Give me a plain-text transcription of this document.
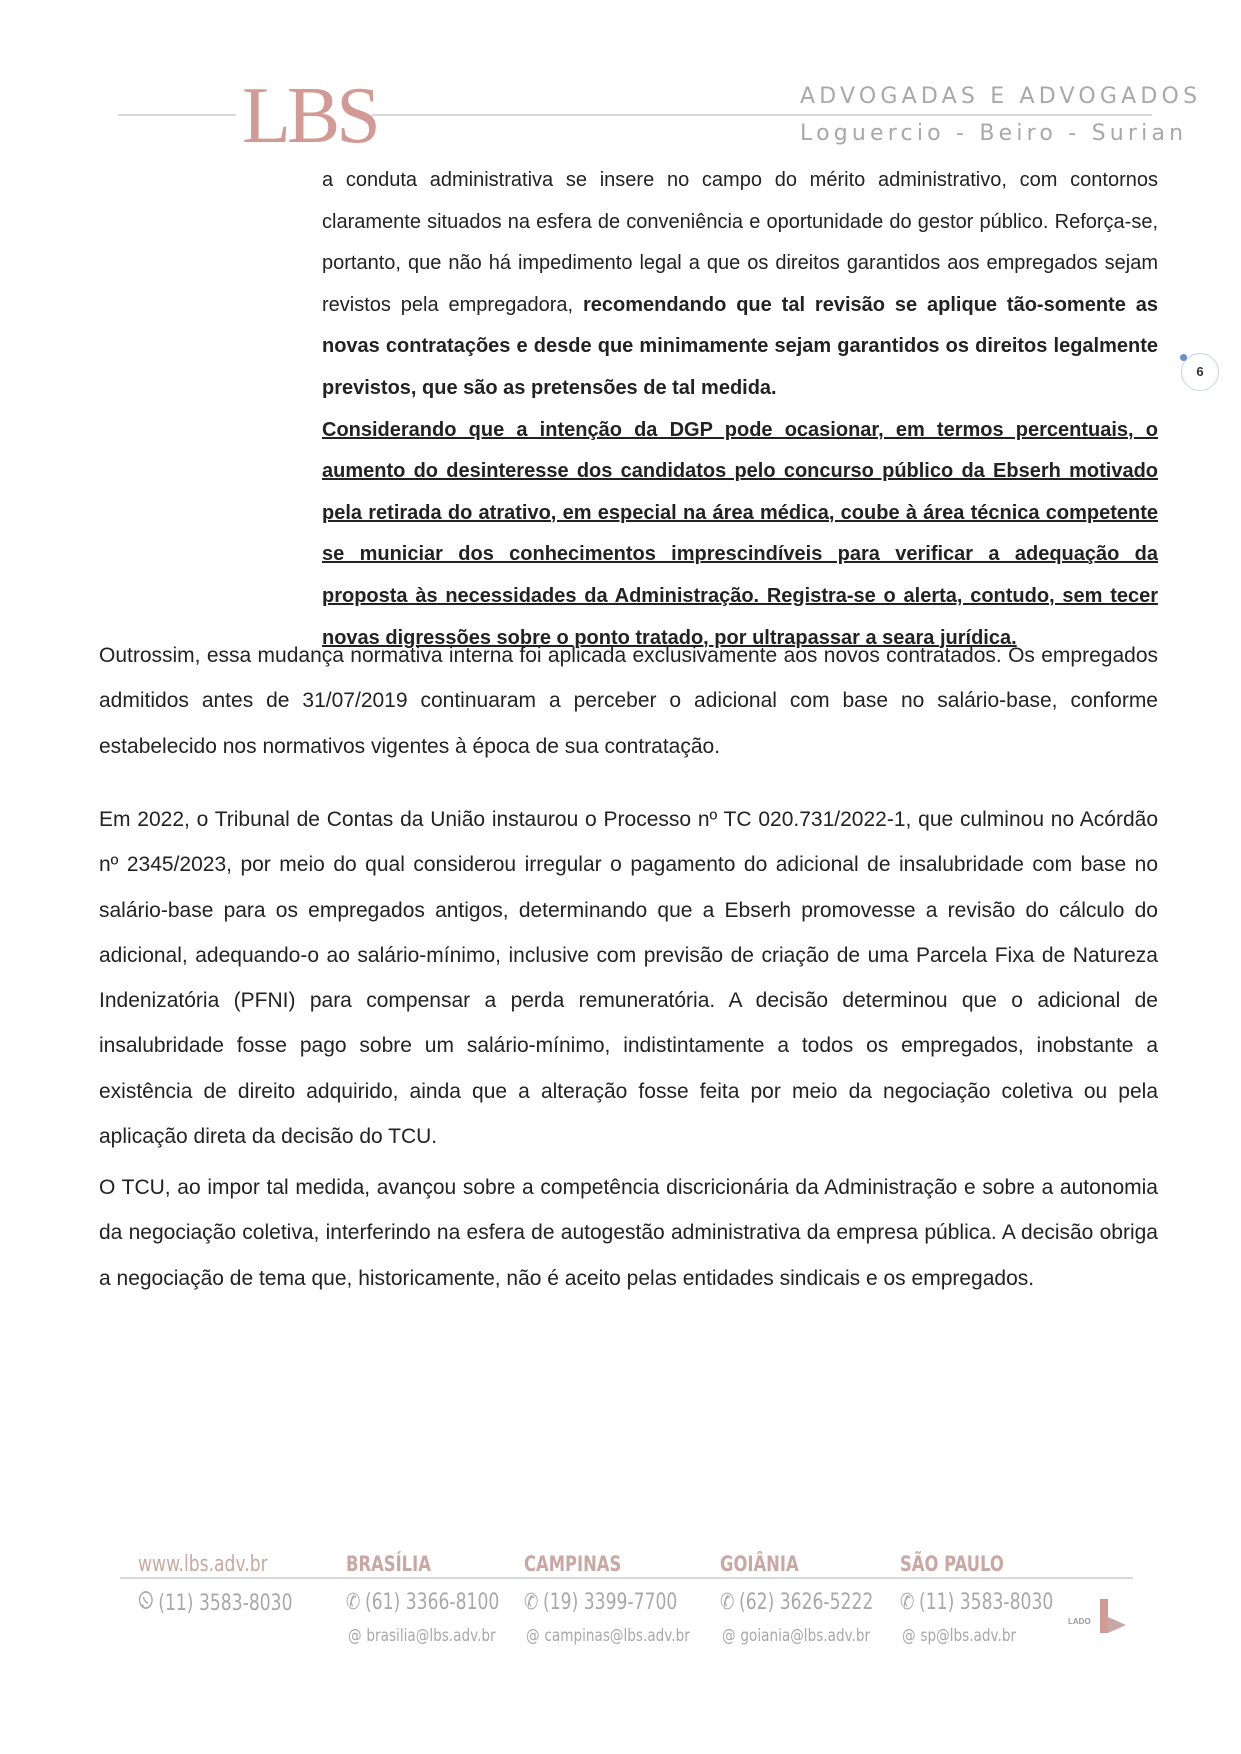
LBS	ADVOGADAS E ADVOGADOS
Loguercio - Beiro - Surian
6

a conduta administrativa se insere no campo do mérito administrativo, com contornos claramente situados na esfera de conveniência e oportunidade do gestor público. Reforça-se, portanto, que não há impedimento legal a que os direitos garantidos aos empregados sejam revistos pela empregadora, recomendando que tal revisão se aplique tão-somente as novas contratações e desde que minimamente sejam garantidos os direitos legalmente previstos, que são as pretensões de tal medida.

Considerando que a intenção da DGP pode ocasionar, em termos percentuais, o aumento do desinteresse dos candidatos pelo concurso público da Ebserh motivado pela retirada do atrativo, em especial na área médica, coube à área técnica competente se municiar dos conhecimentos imprescindíveis para verificar a adequação da proposta às necessidades da Administração. Registra-se o alerta, contudo, sem tecer novas digressões sobre o ponto tratado, por ultrapassar a seara jurídica.

Outrossim, essa mudança normativa interna foi aplicada exclusivamente aos novos contratados. Os empregados admitidos antes de 31/07/2019 continuaram a perceber o adicional com base no salário-base, conforme estabelecido nos normativos vigentes à época de sua contratação.

Em 2022, o Tribunal de Contas da União instaurou o Processo nº TC 020.731/2022-1, que culminou no Acórdão nº 2345/2023, por meio do qual considerou irregular o pagamento do adicional de insalubridade com base no salário-base para os empregados antigos, determinando que a Ebserh promovesse a revisão do cálculo do adicional, adequando-o ao salário-mínimo, inclusive com previsão de criação de uma Parcela Fixa de Natureza Indenizatória (PFNI) para compensar a perda remuneratória. A decisão determinou que o adicional de insalubridade fosse pago sobre um salário-mínimo, indistintamente a todos os empregados, inobstante a existência de direito adquirido, ainda que a alteração fosse feita por meio da negociação coletiva ou pela aplicação direta da decisão do TCU.

O TCU, ao impor tal medida, avançou sobre a competência discricionária da Administração e sobre a autonomia da negociação coletiva, interferindo na esfera de autogestão administrativa da empresa pública. A decisão obriga a negociação de tema que, historicamente, não é aceito pelas entidades sindicais e os empregados.

www.lbs.adv.br
(11) 3583-8030
BRASÍLIA
✆ (61) 3366-8100
@ brasilia@lbs.adv.br
CAMPINAS
✆ (19) 3399-7700
@ campinas@lbs.adv.br
GOIÂNIA
✆ (62) 3626-5222
@ goiania@lbs.adv.br
SÃO PAULO
✆ (11) 3583-8030
@ sp@lbs.adv.br
LADO
